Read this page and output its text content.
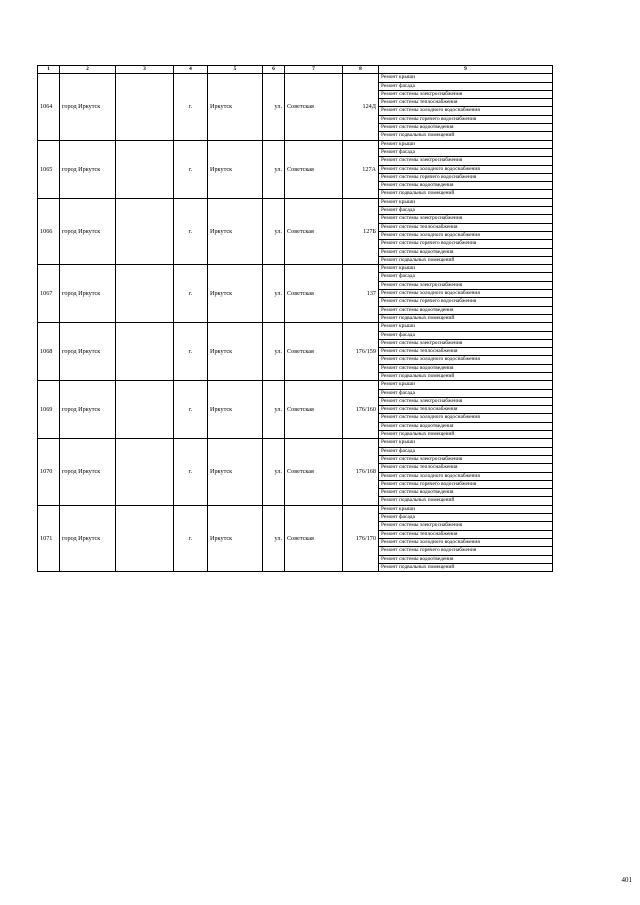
1	2	3	4	5	6	7	8	9
1064	город Иркутск		г.	Иркутск	ул.	Советская	124Д	Ремонт крыши
								Ремонт фасада
								Ремонт системы электроснабжения
								Ремонт системы теплоснабжения
								Ремонт системы холодного водоснабжения
								Ремонт системы горячего водоснабжения
								Ремонт системы водоотведения
								Ремонт подвальных помещений
1065	город Иркутск		г.	Иркутск	ул.	Советская	127А	Ремонт крыши
								Ремонт фасада
								Ремонт системы электроснабжения
								Ремонт системы холодного водоснабжения
								Ремонт системы горячего водоснабжения
								Ремонт системы водоотведения
								Ремонт подвальных помещений
1066	город Иркутск		г.	Иркутск	ул.	Советская	127Б	Ремонт крыши
								Ремонт фасада
								Ремонт системы электроснабжения
								Ремонт системы теплоснабжения
								Ремонт системы холодного водоснабжения
								Ремонт системы горячего водоснабжения
								Ремонт системы водоотведения
								Ремонт подвальных помещений
1067	город Иркутск		г.	Иркутск	ул.	Советская	137	Ремонт крыши
								Ремонт фасада
								Ремонт системы электроснабжения
								Ремонт системы холодного водоснабжения
								Ремонт системы горячего водоснабжения
								Ремонт системы водоотведения
								Ремонт подвальных помещений
1068	город Иркутск		г.	Иркутск	ул.	Советская	176/159	Ремонт крыши
								Ремонт фасада
								Ремонт системы электроснабжения
								Ремонт системы теплоснабжения
								Ремонт системы холодного водоснабжения
								Ремонт системы водоотведения
								Ремонт подвальных помещений
1069	город Иркутск		г.	Иркутск	ул.	Советская	176/160	Ремонт крыши
								Ремонт фасада
								Ремонт системы электроснабжения
								Ремонт системы теплоснабжения
								Ремонт системы холодного водоснабжения
								Ремонт системы водоотведения
								Ремонт подвальных помещений
1070	город Иркутск		г.	Иркутск	ул.	Советская	176/168	Ремонт крыши
								Ремонт фасада
								Ремонт системы электроснабжения
								Ремонт системы теплоснабжения
								Ремонт системы холодного водоснабжения
								Ремонт системы горячего водоснабжения
								Ремонт системы водоотведения
								Ремонт подвальных помещений
1071	город Иркутск		г.	Иркутск	ул.	Советская	176/170	Ремонт крыши
								Ремонт фасада
								Ремонт системы электроснабжения
								Ремонт системы теплоснабжения
								Ремонт системы холодного водоснабжения
								Ремонт системы горячего водоснабжения
								Ремонт системы водоотведения
								Ремонт подвальных помещений
401
